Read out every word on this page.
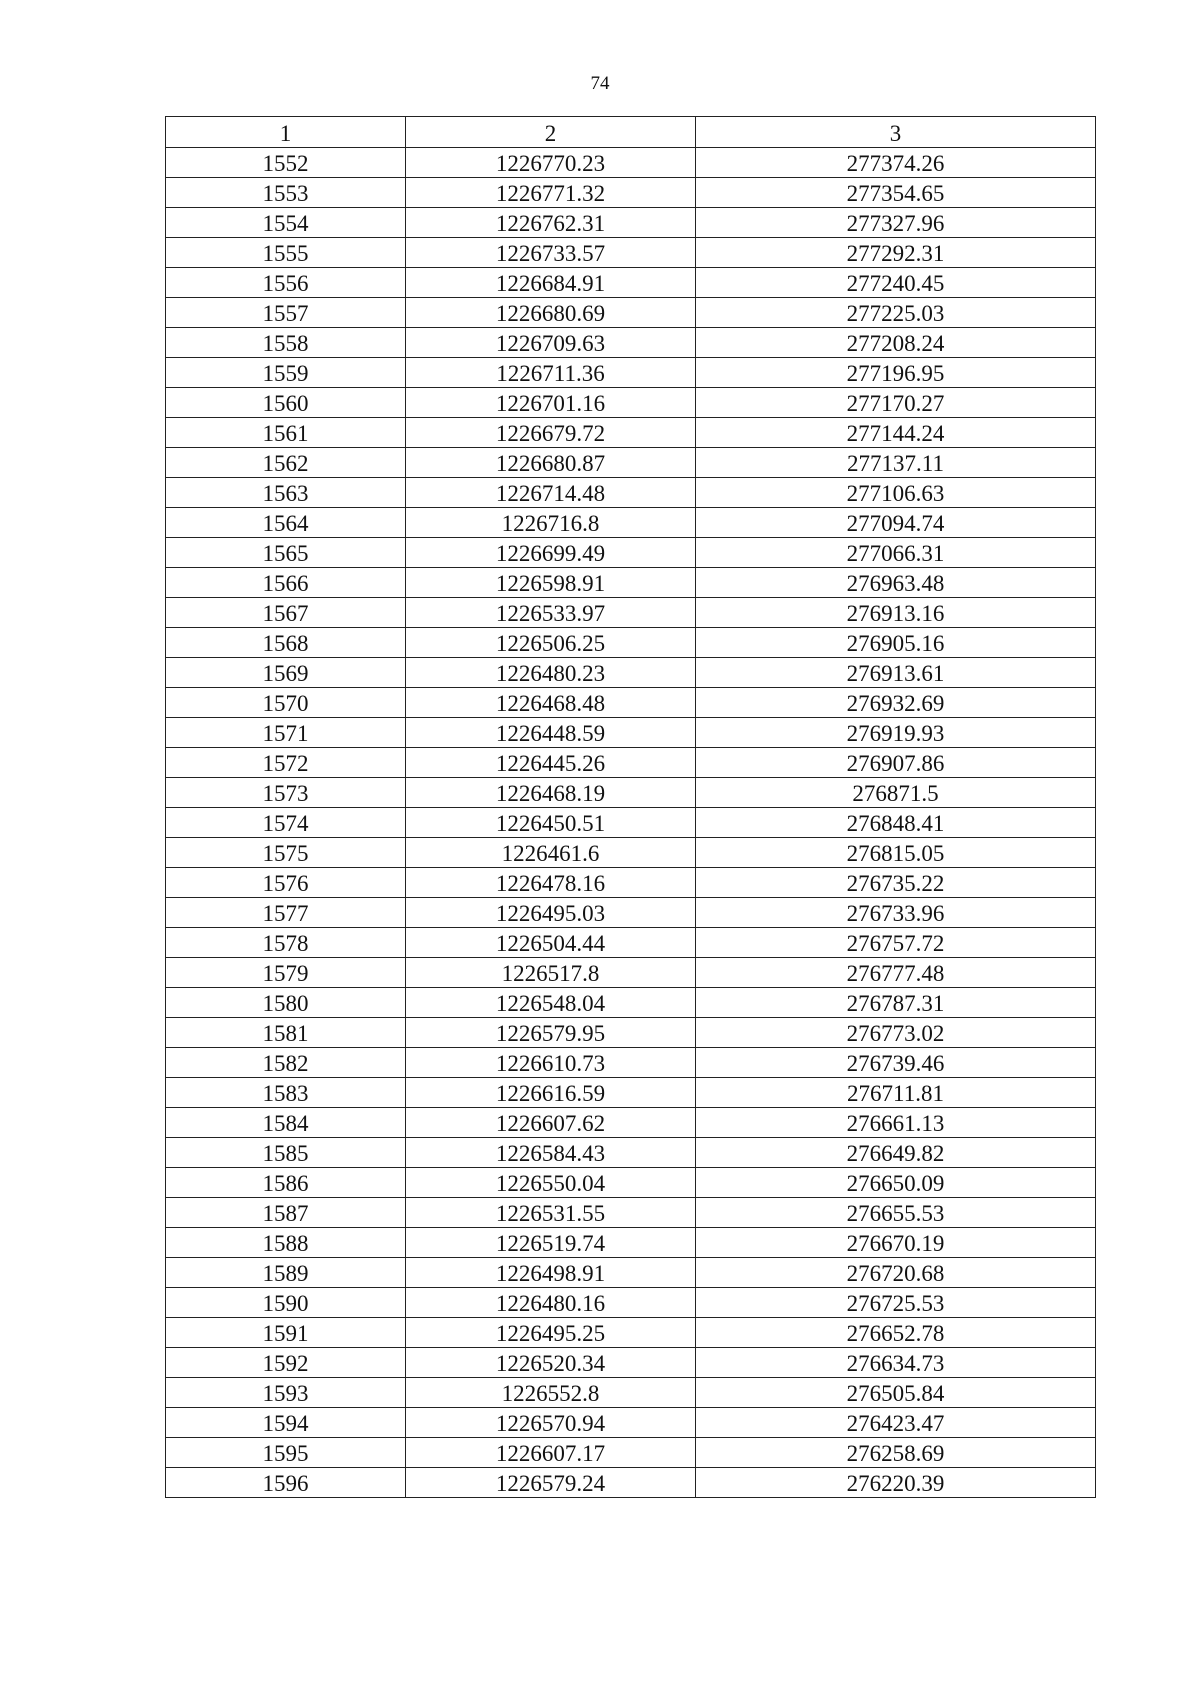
74
1	2	3
1552	1226770.23	277374.26
1553	1226771.32	277354.65
1554	1226762.31	277327.96
1555	1226733.57	277292.31
1556	1226684.91	277240.45
1557	1226680.69	277225.03
1558	1226709.63	277208.24
1559	1226711.36	277196.95
1560	1226701.16	277170.27
1561	1226679.72	277144.24
1562	1226680.87	277137.11
1563	1226714.48	277106.63
1564	1226716.8	277094.74
1565	1226699.49	277066.31
1566	1226598.91	276963.48
1567	1226533.97	276913.16
1568	1226506.25	276905.16
1569	1226480.23	276913.61
1570	1226468.48	276932.69
1571	1226448.59	276919.93
1572	1226445.26	276907.86
1573	1226468.19	276871.5
1574	1226450.51	276848.41
1575	1226461.6	276815.05
1576	1226478.16	276735.22
1577	1226495.03	276733.96
1578	1226504.44	276757.72
1579	1226517.8	276777.48
1580	1226548.04	276787.31
1581	1226579.95	276773.02
1582	1226610.73	276739.46
1583	1226616.59	276711.81
1584	1226607.62	276661.13
1585	1226584.43	276649.82
1586	1226550.04	276650.09
1587	1226531.55	276655.53
1588	1226519.74	276670.19
1589	1226498.91	276720.68
1590	1226480.16	276725.53
1591	1226495.25	276652.78
1592	1226520.34	276634.73
1593	1226552.8	276505.84
1594	1226570.94	276423.47
1595	1226607.17	276258.69
1596	1226579.24	276220.39
